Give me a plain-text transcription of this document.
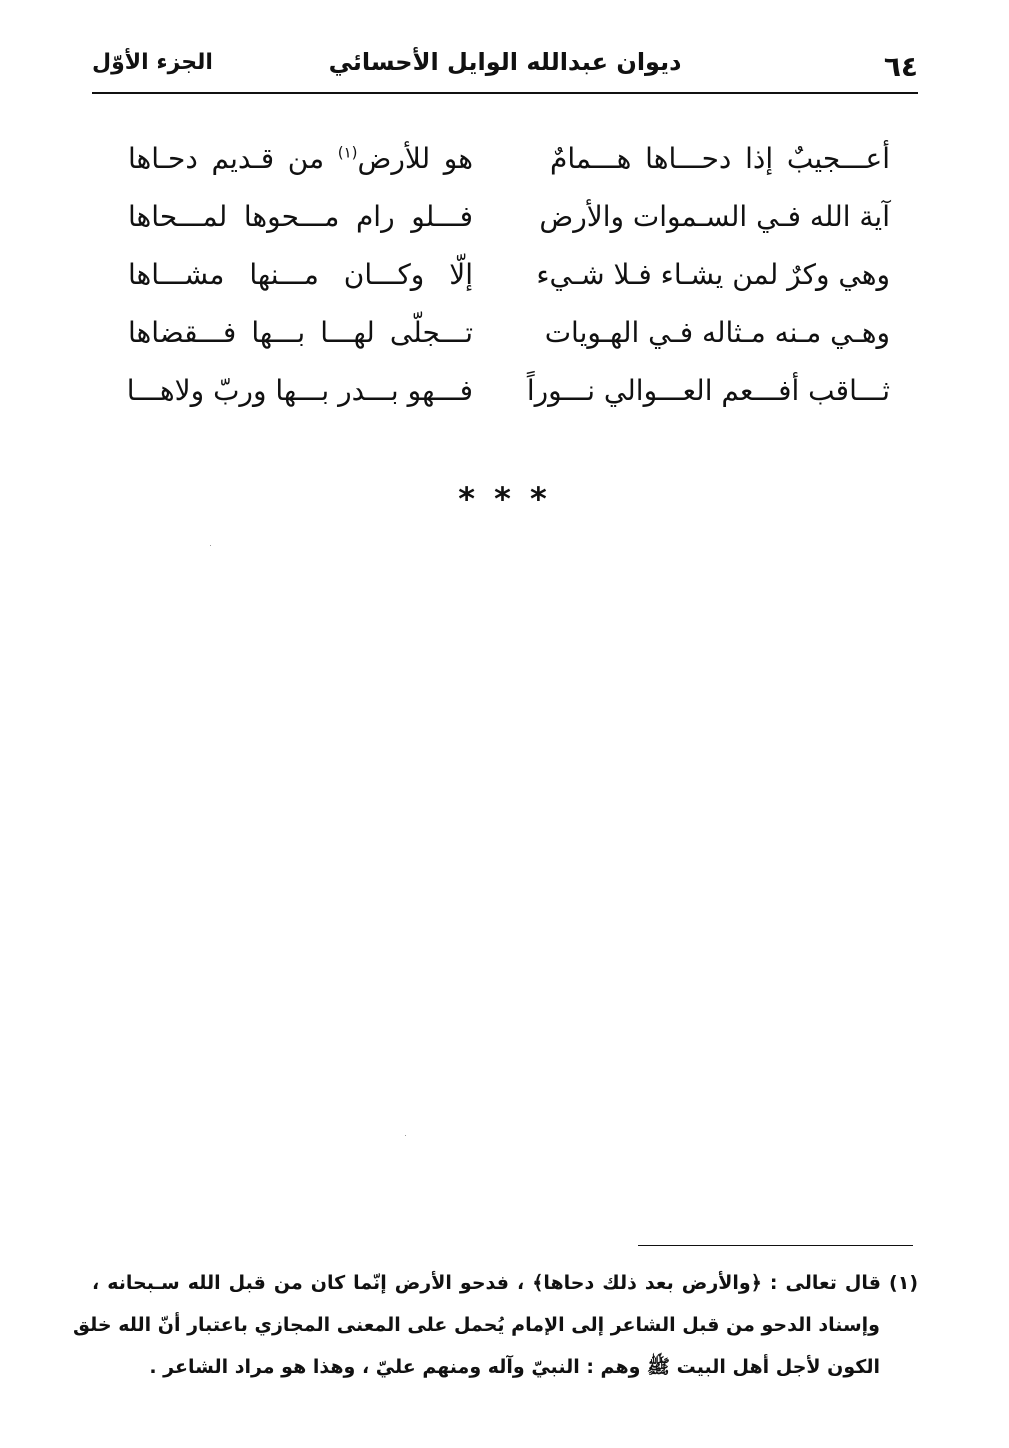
٦٤
ديوان عبدالله الوايل الأحسائي
الجزء الأوّل
أعـــجيبٌ إذا دحـــاها هـــمامٌ
هو للأرض$^{(١)}$ من قـديم دحـاها
آية الله فـي السـموات والأرض
فـــلو رام مـــحوها لمـــحاها
وهي وكرٌ لمن يشـاء فـلا شـيء
إلّا وكـــان مـــنها مشـــاها
وهـي مـنه مـثاله فـي الهـويات
تـــجلّى لهـــا بـــها فـــقضاها
ثـــاقب أفـــعم العـــوالي نـــوراً
فـــهو بـــدر بـــها وربّ ولاهـــا
* * *
(١) قال تعالى : ﴿والأرض بعد ذلك دحاها﴾ ، فدحو الأرض إنّما كان من قبل الله سـبحانه ،
وإسناد الدحو من قبل الشاعر إلى الإمام يُحمل على المعنى المجازي باعتبار أنّ الله خلق
الكون لأجل أهل البيت ﷺ وهم : النبيّ وآله ومنهم عليّ ، وهذا هو مراد الشاعر .
